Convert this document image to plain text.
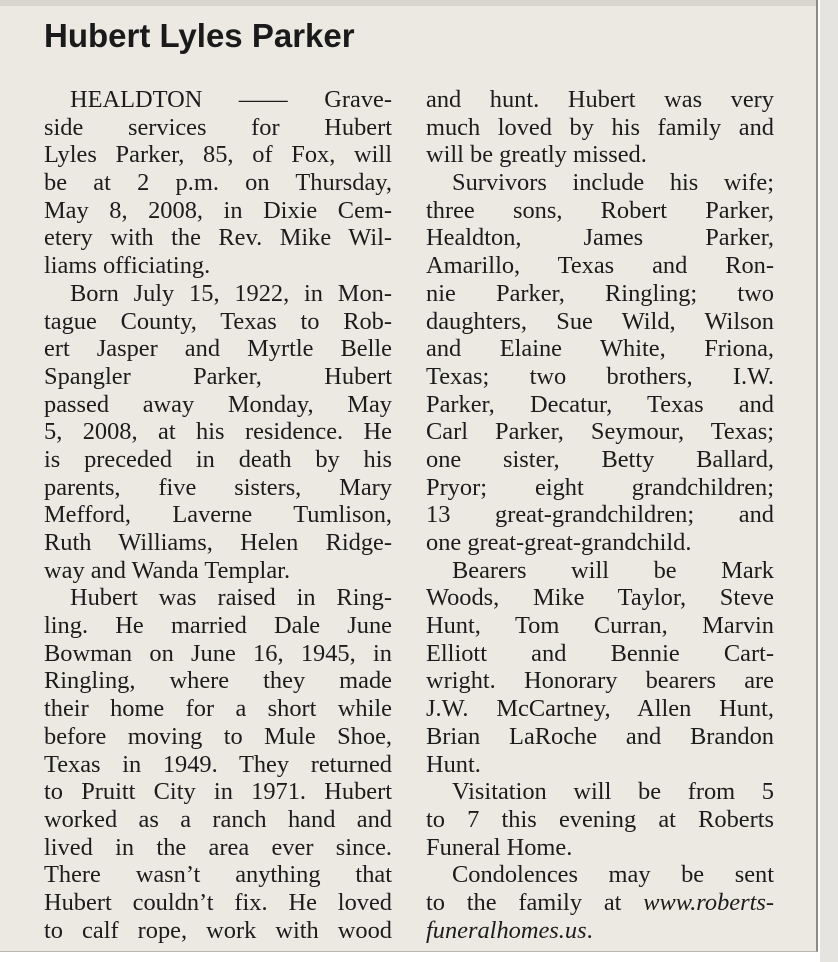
Hubert Lyles Parker
HEALDTON —— Grave-
side services for Hubert
Lyles Parker, 85, of Fox, will
be at 2 p.m. on Thursday,
May 8, 2008, in Dixie Cem-
etery with the Rev. Mike Wil-
liams officiating.
Born July 15, 1922, in Mon-
tague County, Texas to Rob-
ert Jasper and Myrtle Belle
Spangler Parker, Hubert
passed away Monday, May
5, 2008, at his residence. He
is preceded in death by his
parents, five sisters, Mary
Mefford, Laverne Tumlison,
Ruth Williams, Helen Ridge-
way and Wanda Templar.
Hubert was raised in Ring-
ling. He married Dale June
Bowman on June 16, 1945, in
Ringling, where they made
their home for a short while
before moving to Mule Shoe,
Texas in 1949. They returned
to Pruitt City in 1971. Hubert
worked as a ranch hand and
lived in the area ever since.
There wasn’t anything that
Hubert couldn’t fix. He loved
to calf rope, work with wood
and hunt. Hubert was very
much loved by his family and
will be greatly missed.
Survivors include his wife;
three sons, Robert Parker,
Healdton, James Parker,
Amarillo, Texas and Ron-
nie Parker, Ringling; two
daughters, Sue Wild, Wilson
and Elaine White, Friona,
Texas; two brothers, I.W.
Parker, Decatur, Texas and
Carl Parker, Seymour, Texas;
one sister, Betty Ballard,
Pryor; eight grandchildren;
13 great-grandchildren; and
one great-great-grandchild.
Bearers will be Mark
Woods, Mike Taylor, Steve
Hunt, Tom Curran, Marvin
Elliott and Bennie Cart-
wright. Honorary bearers are
J.W. McCartney, Allen Hunt,
Brian LaRoche and Brandon
Hunt.
Visitation will be from 5
to 7 this evening at Roberts
Funeral Home.
Condolences may be sent
to the family at www.roberts-
funeralhomes.us.
